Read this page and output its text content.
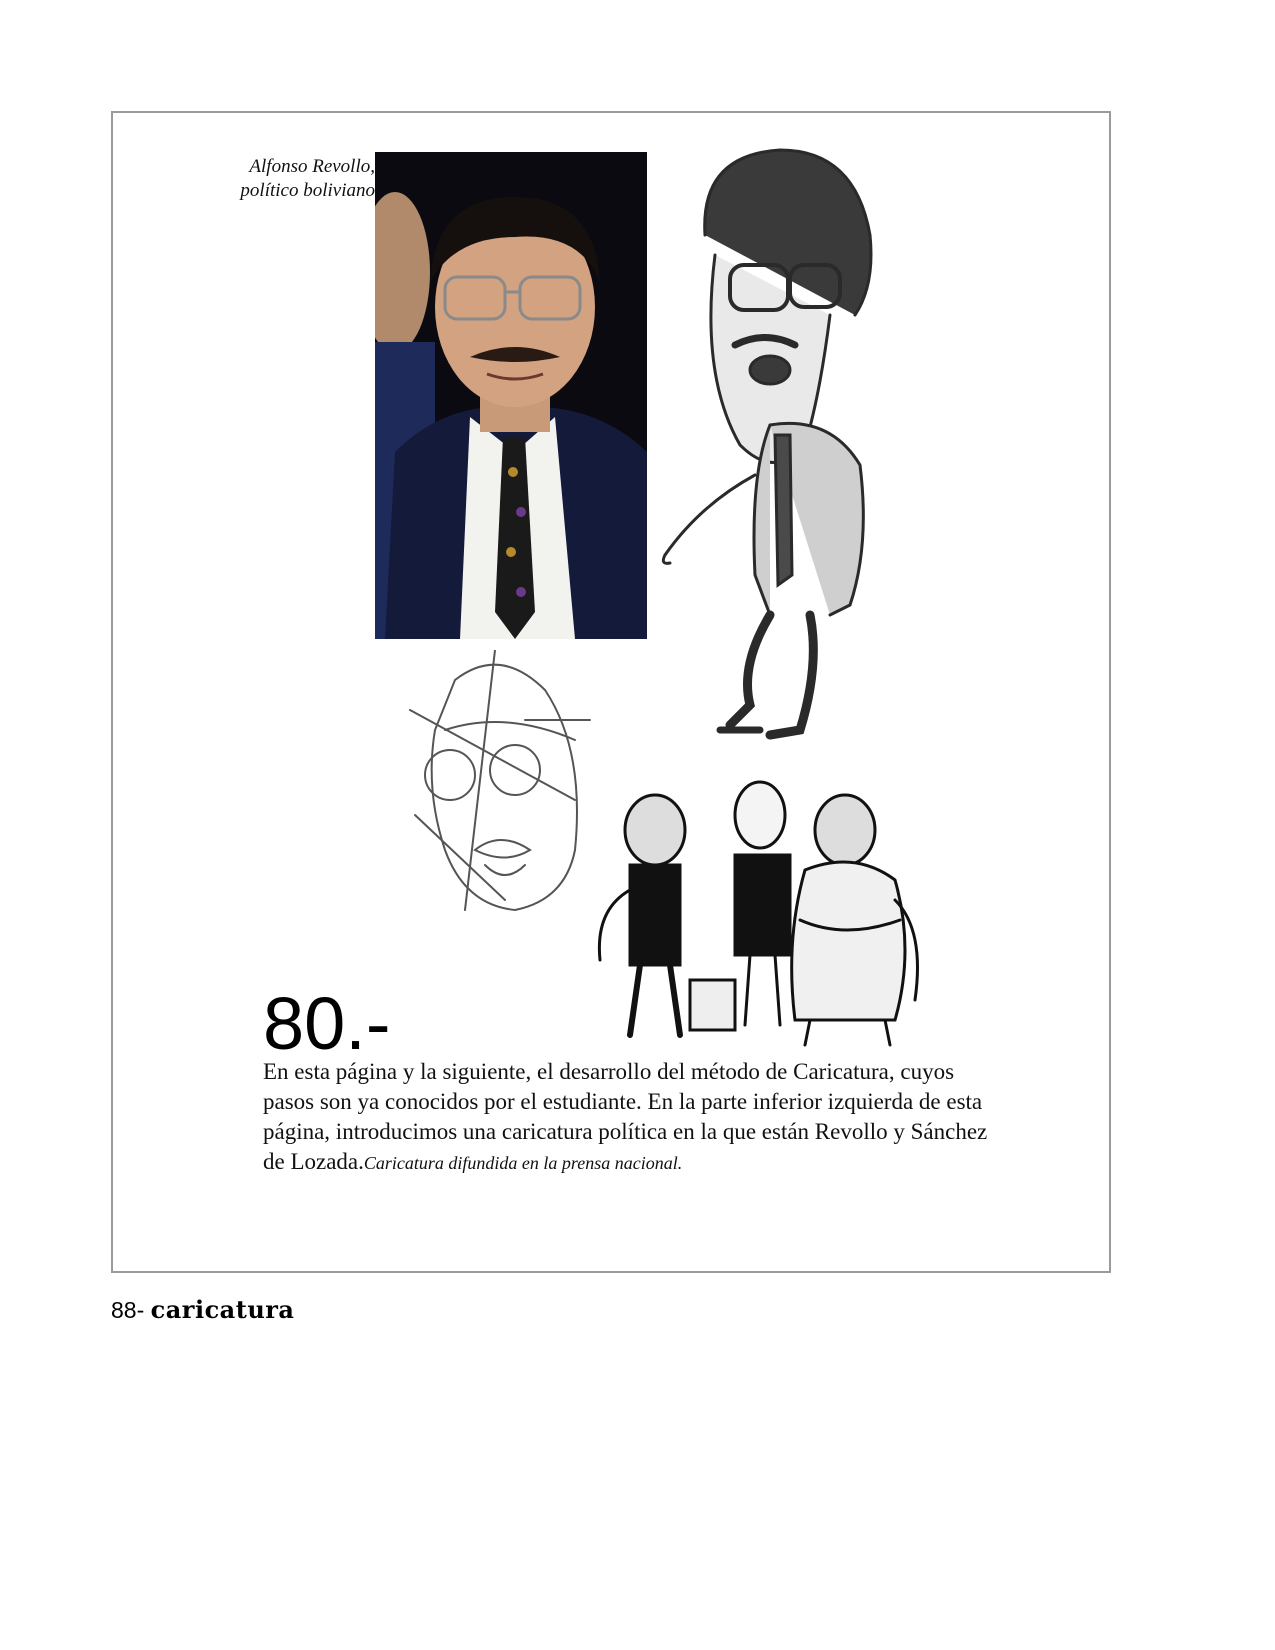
Alfonso Revollo,
político boliviano
80.-
En esta página y la siguiente, el desarrollo del método de Caricatura, cuyos pasos son ya conocidos por el estudiante. En la parte inferior izquierda de esta página, introducimos una caricatura política en la que están Revollo y Sánchez de Lozada.Caricatura difundida en la prensa nacional.
88- caricatura
